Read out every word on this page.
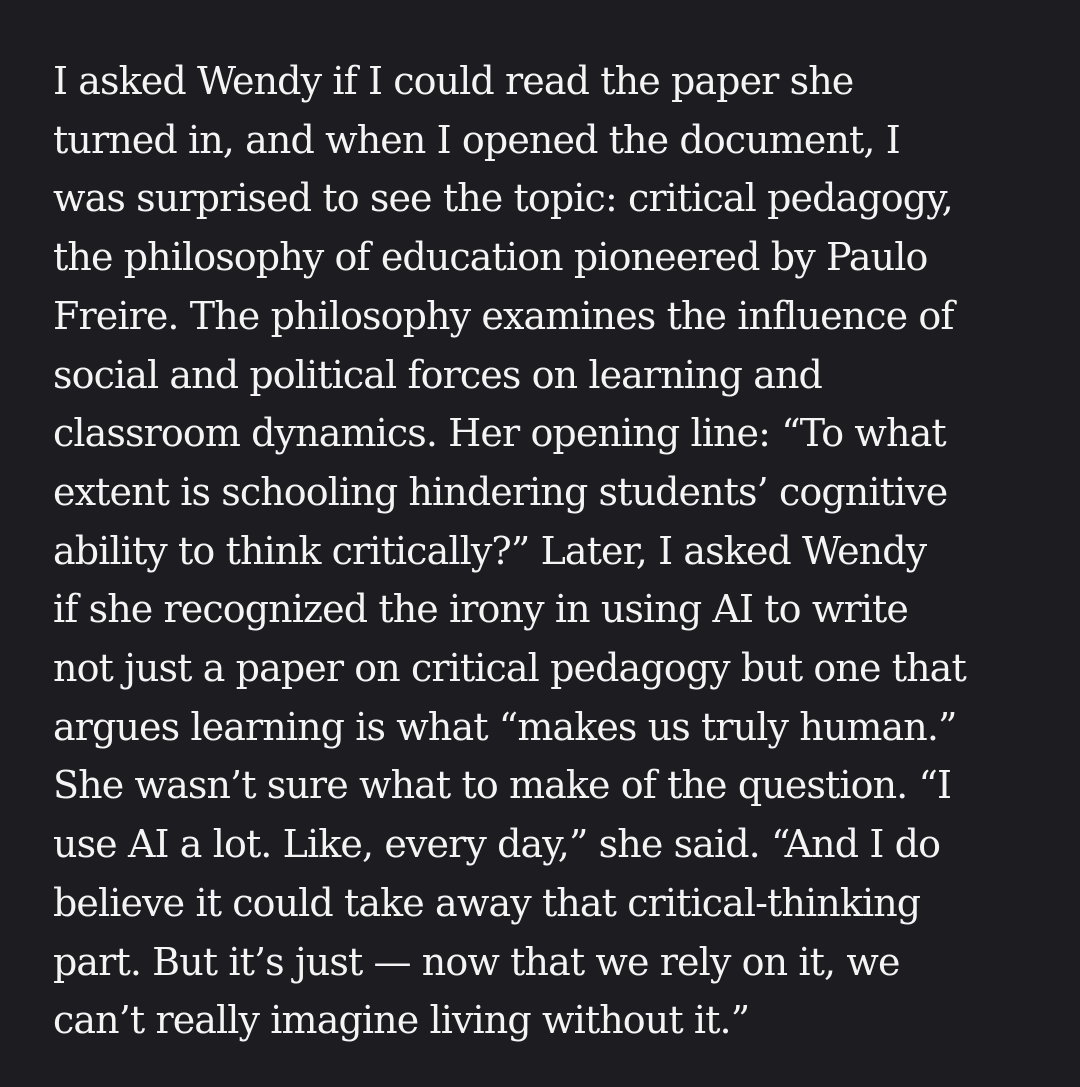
I asked Wendy if I could read the paper she
turned in, and when I opened the document, I
was surprised to see the topic: critical pedagogy,
the philosophy of education pioneered by Paulo
Freire. The philosophy examines the influence of
social and political forces on learning and
classroom dynamics. Her opening line: “To what
extent is schooling hindering students’ cognitive
ability to think critically?” Later, I asked Wendy
if she recognized the irony in using AI to write
not just a paper on critical pedagogy but one that
argues learning is what “makes us truly human.”
She wasn’t sure what to make of the question. “I
use AI a lot. Like, every day,” she said. “And I do
believe it could take away that critical-thinking
part. But it’s just — now that we rely on it, we
can’t really imagine living without it.”
